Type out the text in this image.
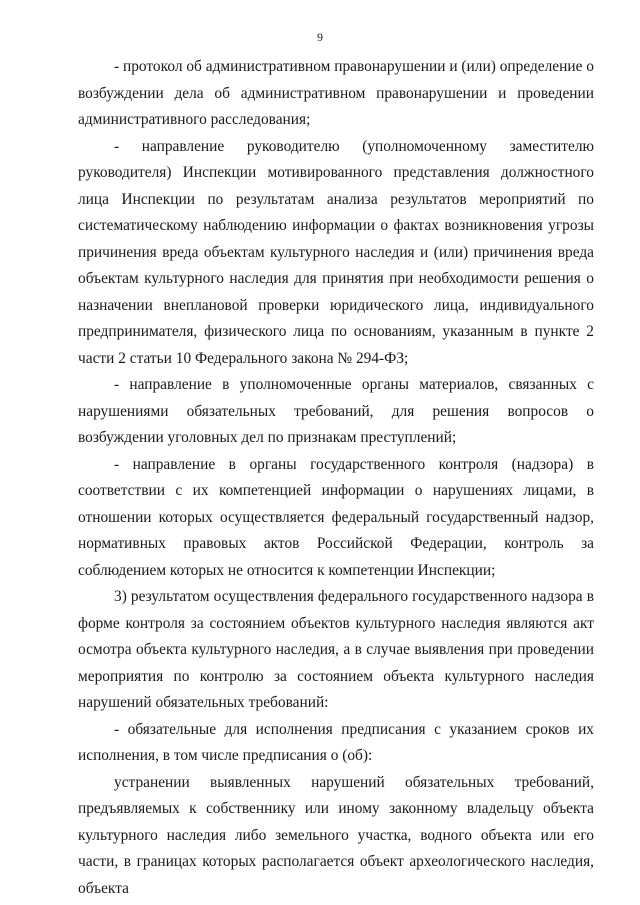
9

- протокол об административном правонарушении и (или) определение о возбуждении дела об административном правонарушении и проведении административного расследования;

- направление руководителю (уполномоченному заместителю руководителя) Инспекции мотивированного представления должностного лица Инспекции по результатам анализа результатов мероприятий по систематическому наблюдению информации о фактах возникновения угрозы причинения вреда объектам культурного наследия и (или) причинения вреда объектам культурного наследия для принятия при необходимости решения о назначении внеплановой проверки юридического лица, индивидуального предпринимателя, физического лица по основаниям, указанным в пункте 2 части 2 статьи 10 Федерального закона № 294-ФЗ;

- направление в уполномоченные органы материалов, связанных с нарушениями обязательных требований, для решения вопросов о возбуждении уголовных дел по признакам преступлений;

- направление в органы государственного контроля (надзора) в соответствии с их компетенцией информации о нарушениях лицами, в отношении которых осуществляется федеральный государственный надзор, нормативных правовых актов Российской Федерации, контроль за соблюдением которых не относится к компетенции Инспекции;

3) результатом осуществления федерального государственного надзора в форме контроля за состоянием объектов культурного наследия являются акт осмотра объекта культурного наследия, а в случае выявления при проведении мероприятия по контролю за состоянием объекта культурного наследия нарушений обязательных требований:

- обязательные для исполнения предписания с указанием сроков их исполнения, в том числе предписания о (об):

устранении выявленных нарушений обязательных требований, предъявляемых к собственнику или иному законному владельцу объекта культурного наследия либо земельного участка, водного объекта или его части, в границах которых располагается объект археологического наследия, объекта
